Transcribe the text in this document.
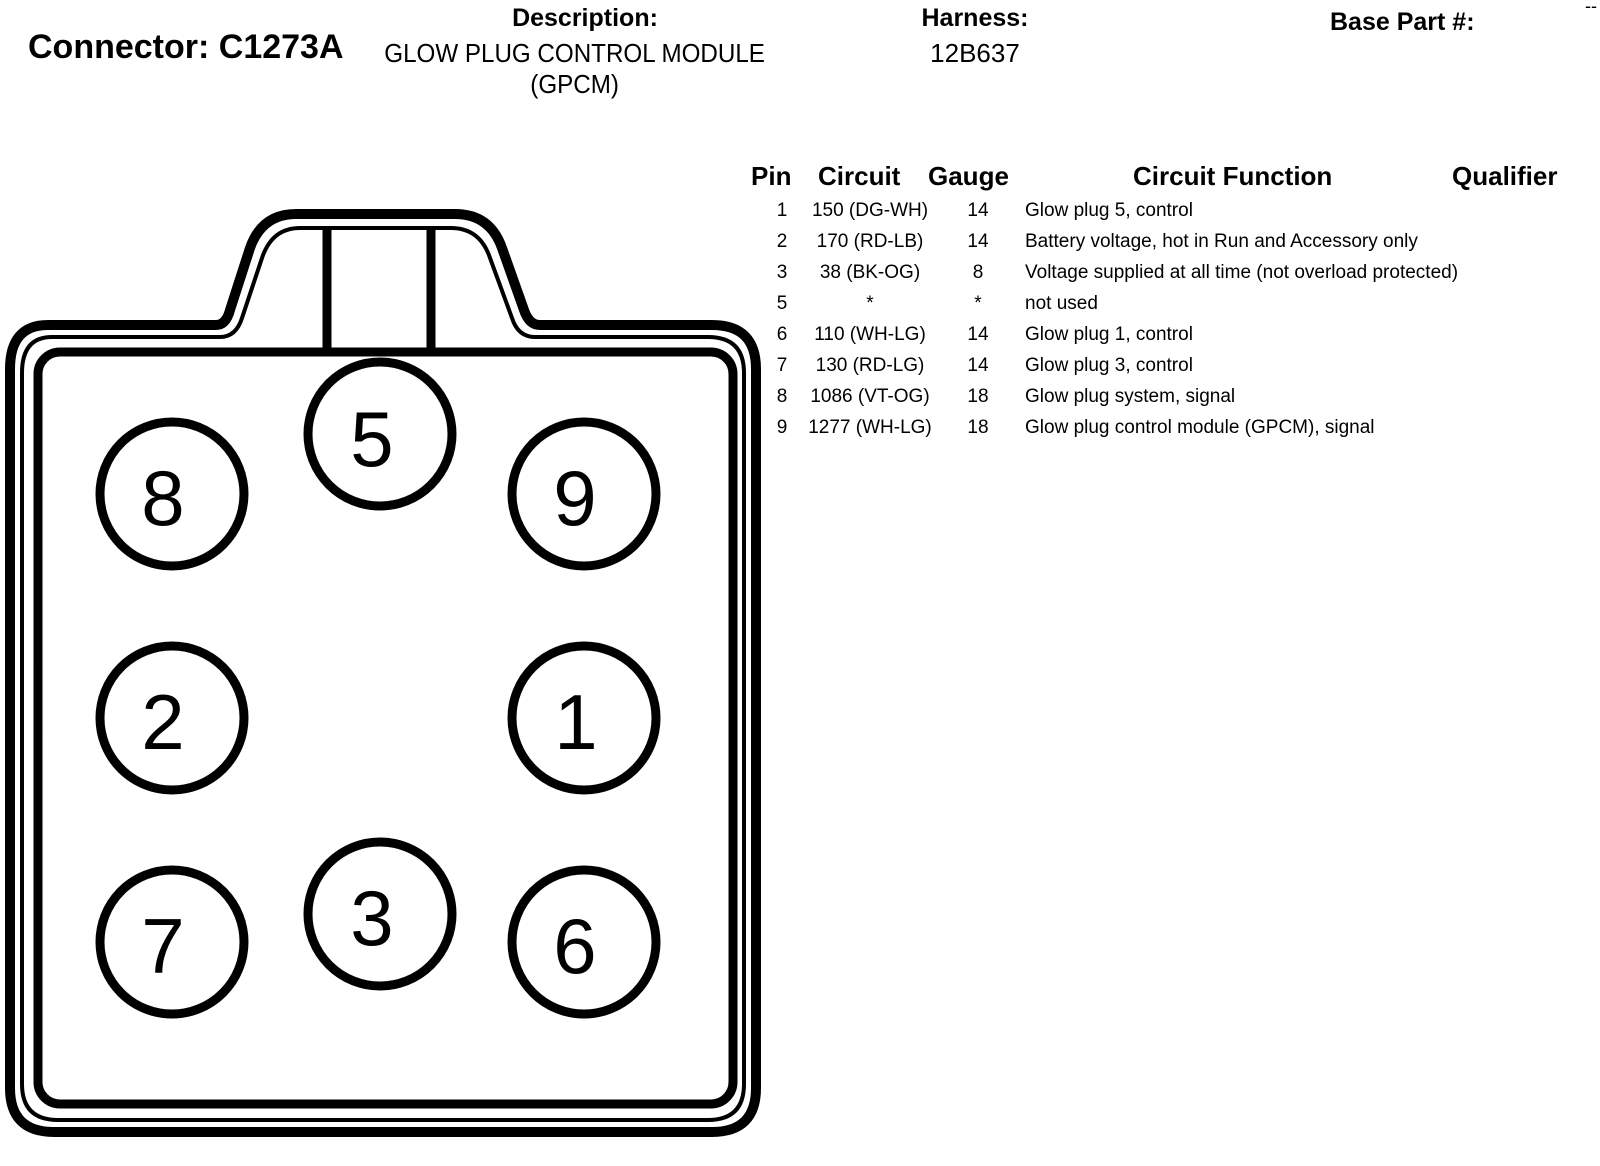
Connector: C1273A
Description:
GLOW PLUG CONTROL MODULE
(GPCM)
Harness:
12B637
Base Part #:
--
Pin Circuit Gauge	Circuit Function	Qualifier
1	150 (DG-WH)	14	Glow plug 5, control
2	170 (RD-LB)	14	Battery voltage, hot in Run and Accessory only
3	38 (BK-OG)	8	Voltage supplied at all time (not overload protected)
5	*	*	not used
6	110 (WH-LG)	14	Glow plug 1, control
7	130 (RD-LG)	14	Glow plug 3, control
8	1086 (VT-OG)	18	Glow plug system, signal
9	1277 (WH-LG)	18	Glow plug control module (GPCM), signal
5
8	9
2	1
3
7	6
